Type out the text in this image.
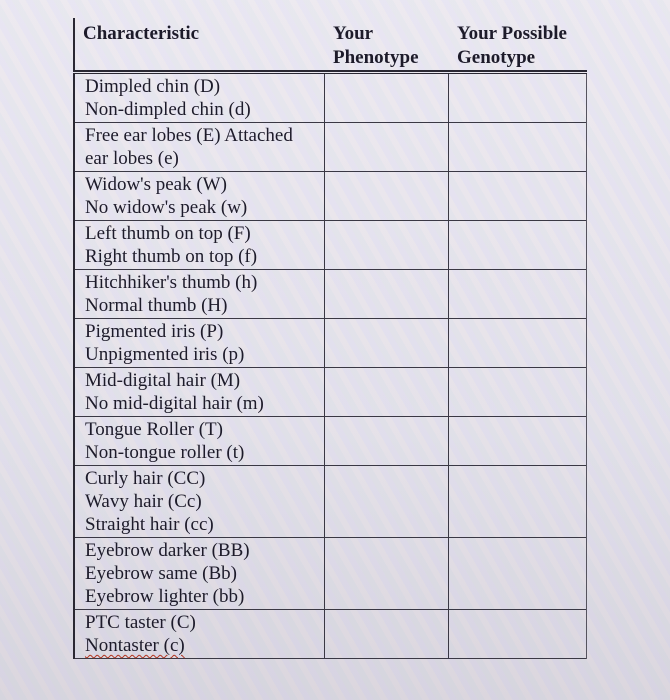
Characteristic	Your
Phenotype
Your Possible
Genotype
Dimpled chin (D)
Non-dimpled chin (d)
Free ear lobes (E) Attached
ear lobes (e)
Widow's peak (W)
No widow's peak (w)
Left thumb on top (F)
Right thumb on top (f)
Hitchhiker's thumb (h)
Normal thumb (H)
Pigmented iris (P)
Unpigmented iris (p)
Mid-digital hair (M)
No mid-digital hair (m)
Tongue Roller (T)
Non-tongue roller (t)
Curly hair (CC)
Wavy hair (Cc)
Straight hair (cc)
Eyebrow darker (BB)
Eyebrow same (Bb)
Eyebrow lighter (bb)
PTC taster (C)
Nontaster (c)
